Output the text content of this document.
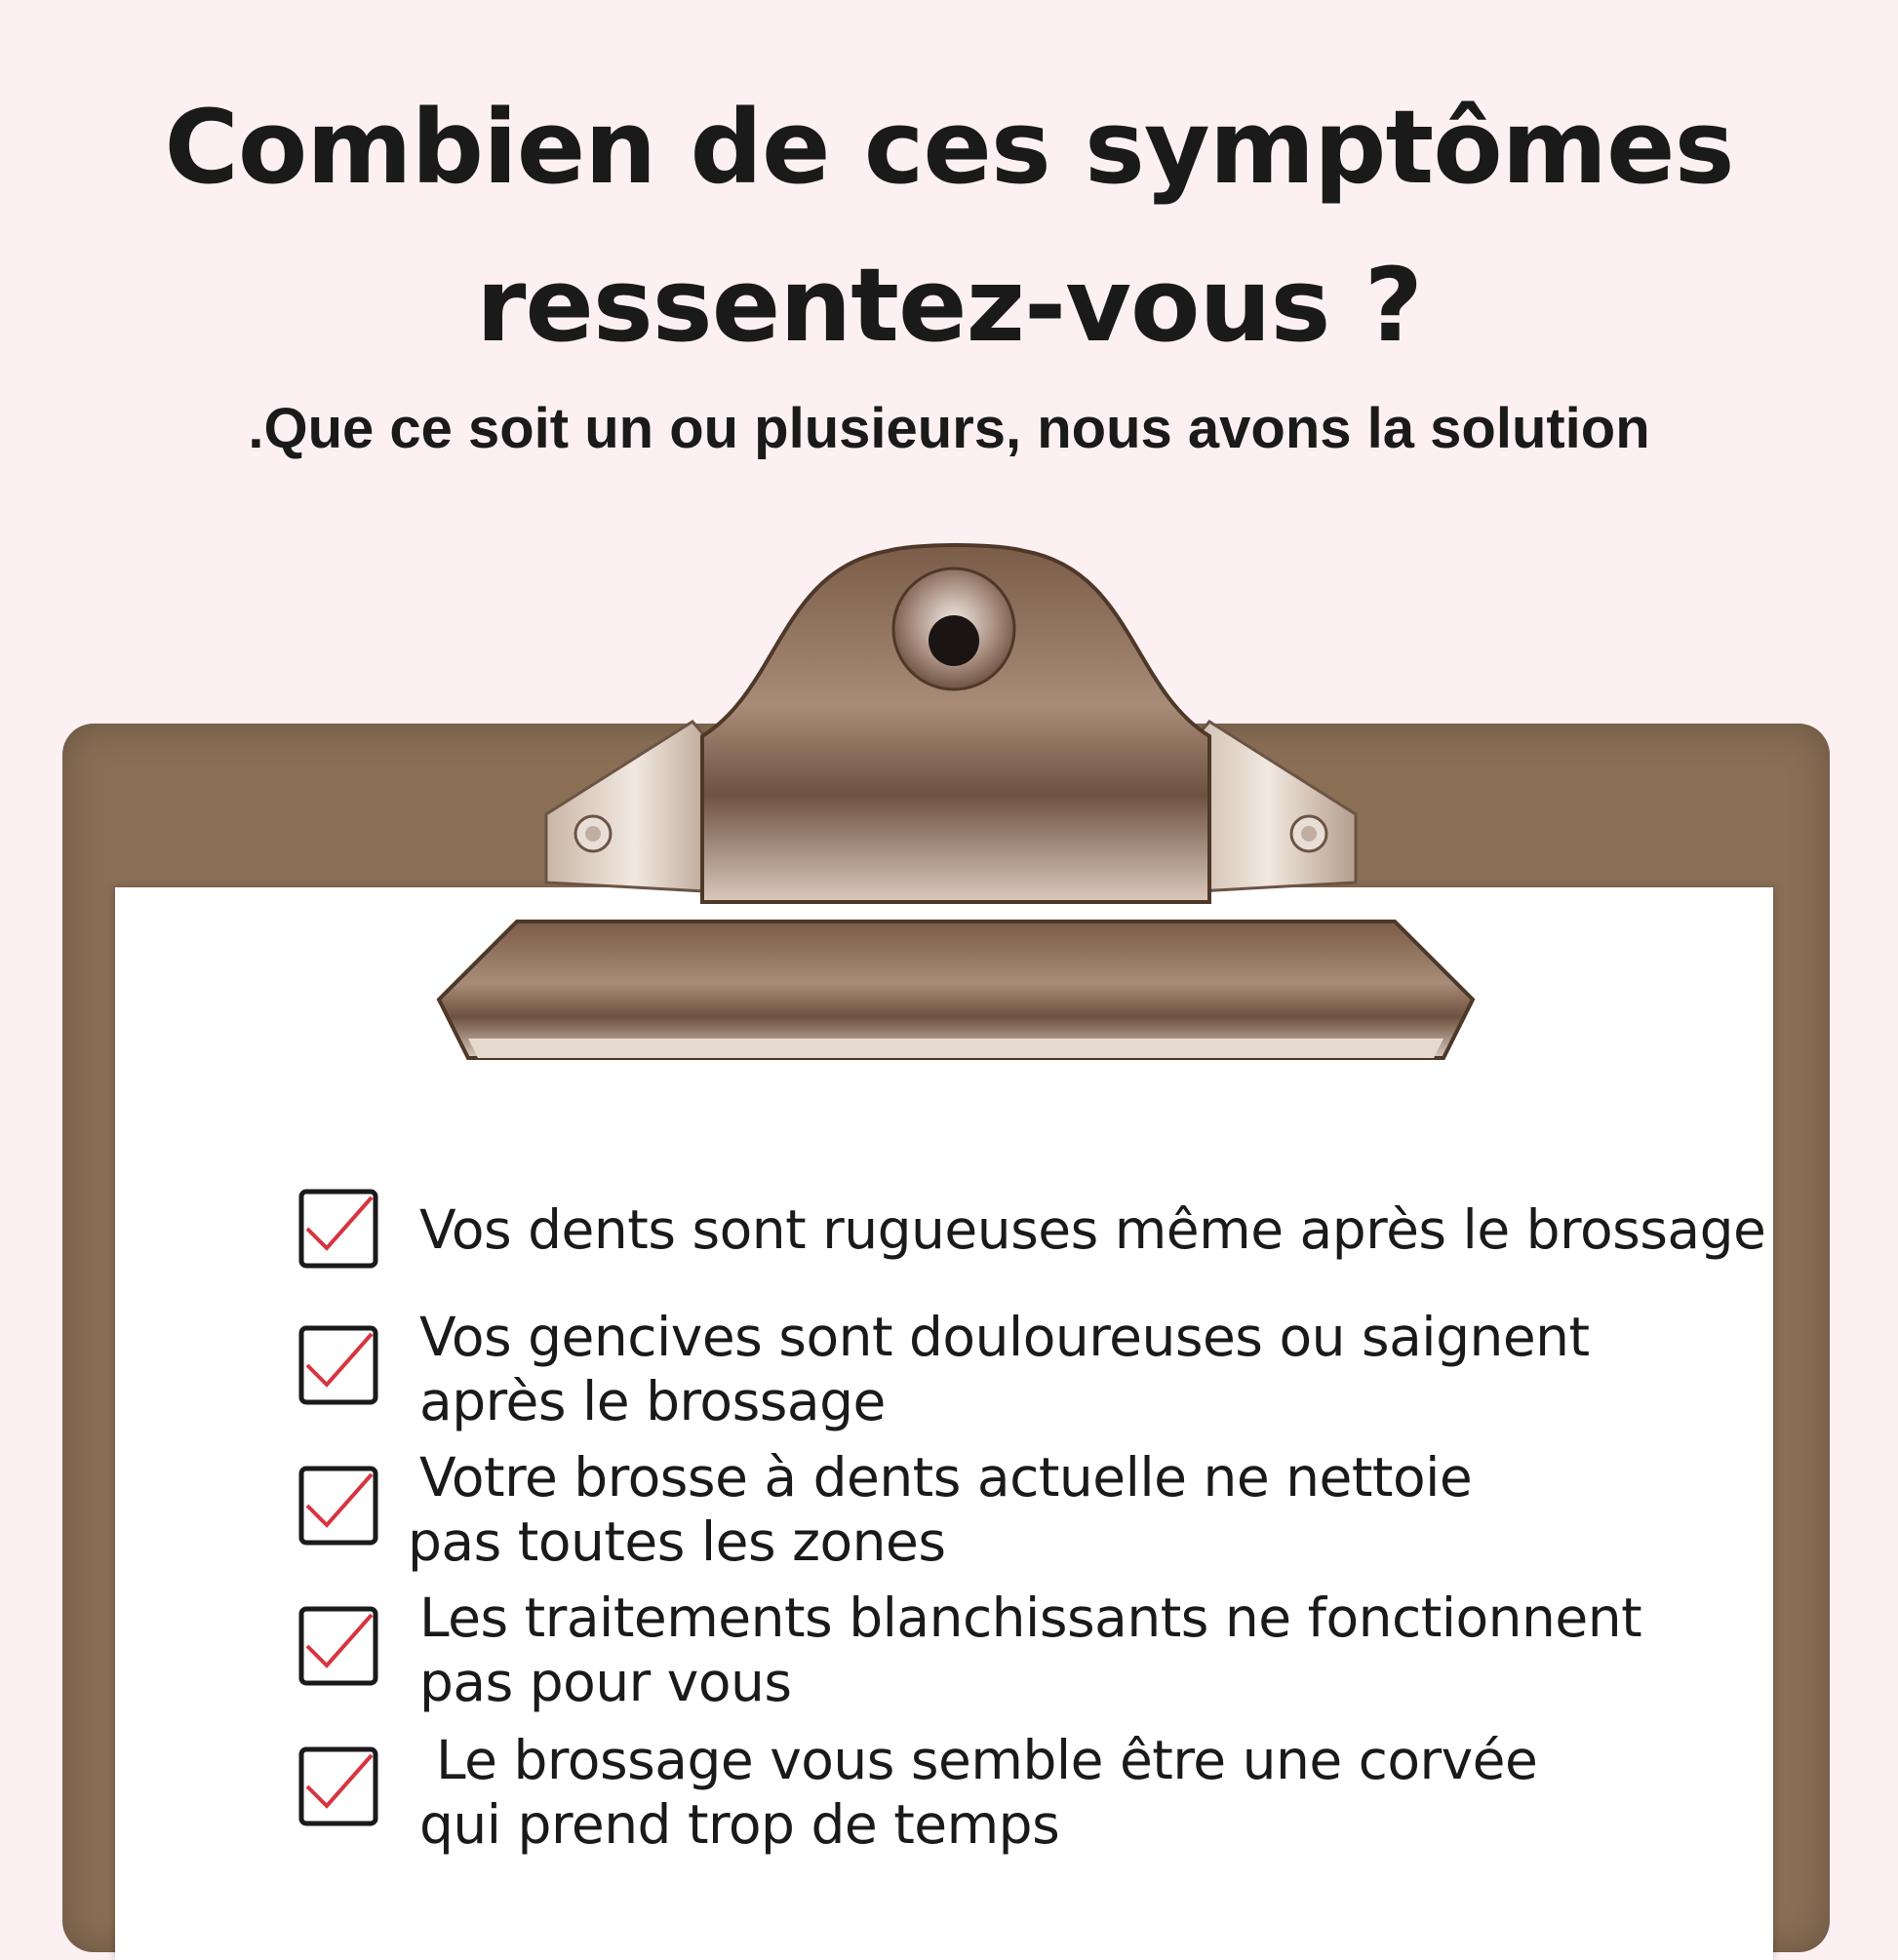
Combien de ces symptômes
ressentez-vous ?

.Que ce soit un ou plusieurs, nous avons la solution

Vos dents sont rugueuses même après le brossage
Vos gencives sont douloureuses ou saignent
après le brossage
Votre brosse à dents actuelle ne nettoie
pas toutes les zones
Les traitements blanchissants ne fonctionnent
pas pour vous
Le brossage vous semble être une corvée
qui prend trop de temps
